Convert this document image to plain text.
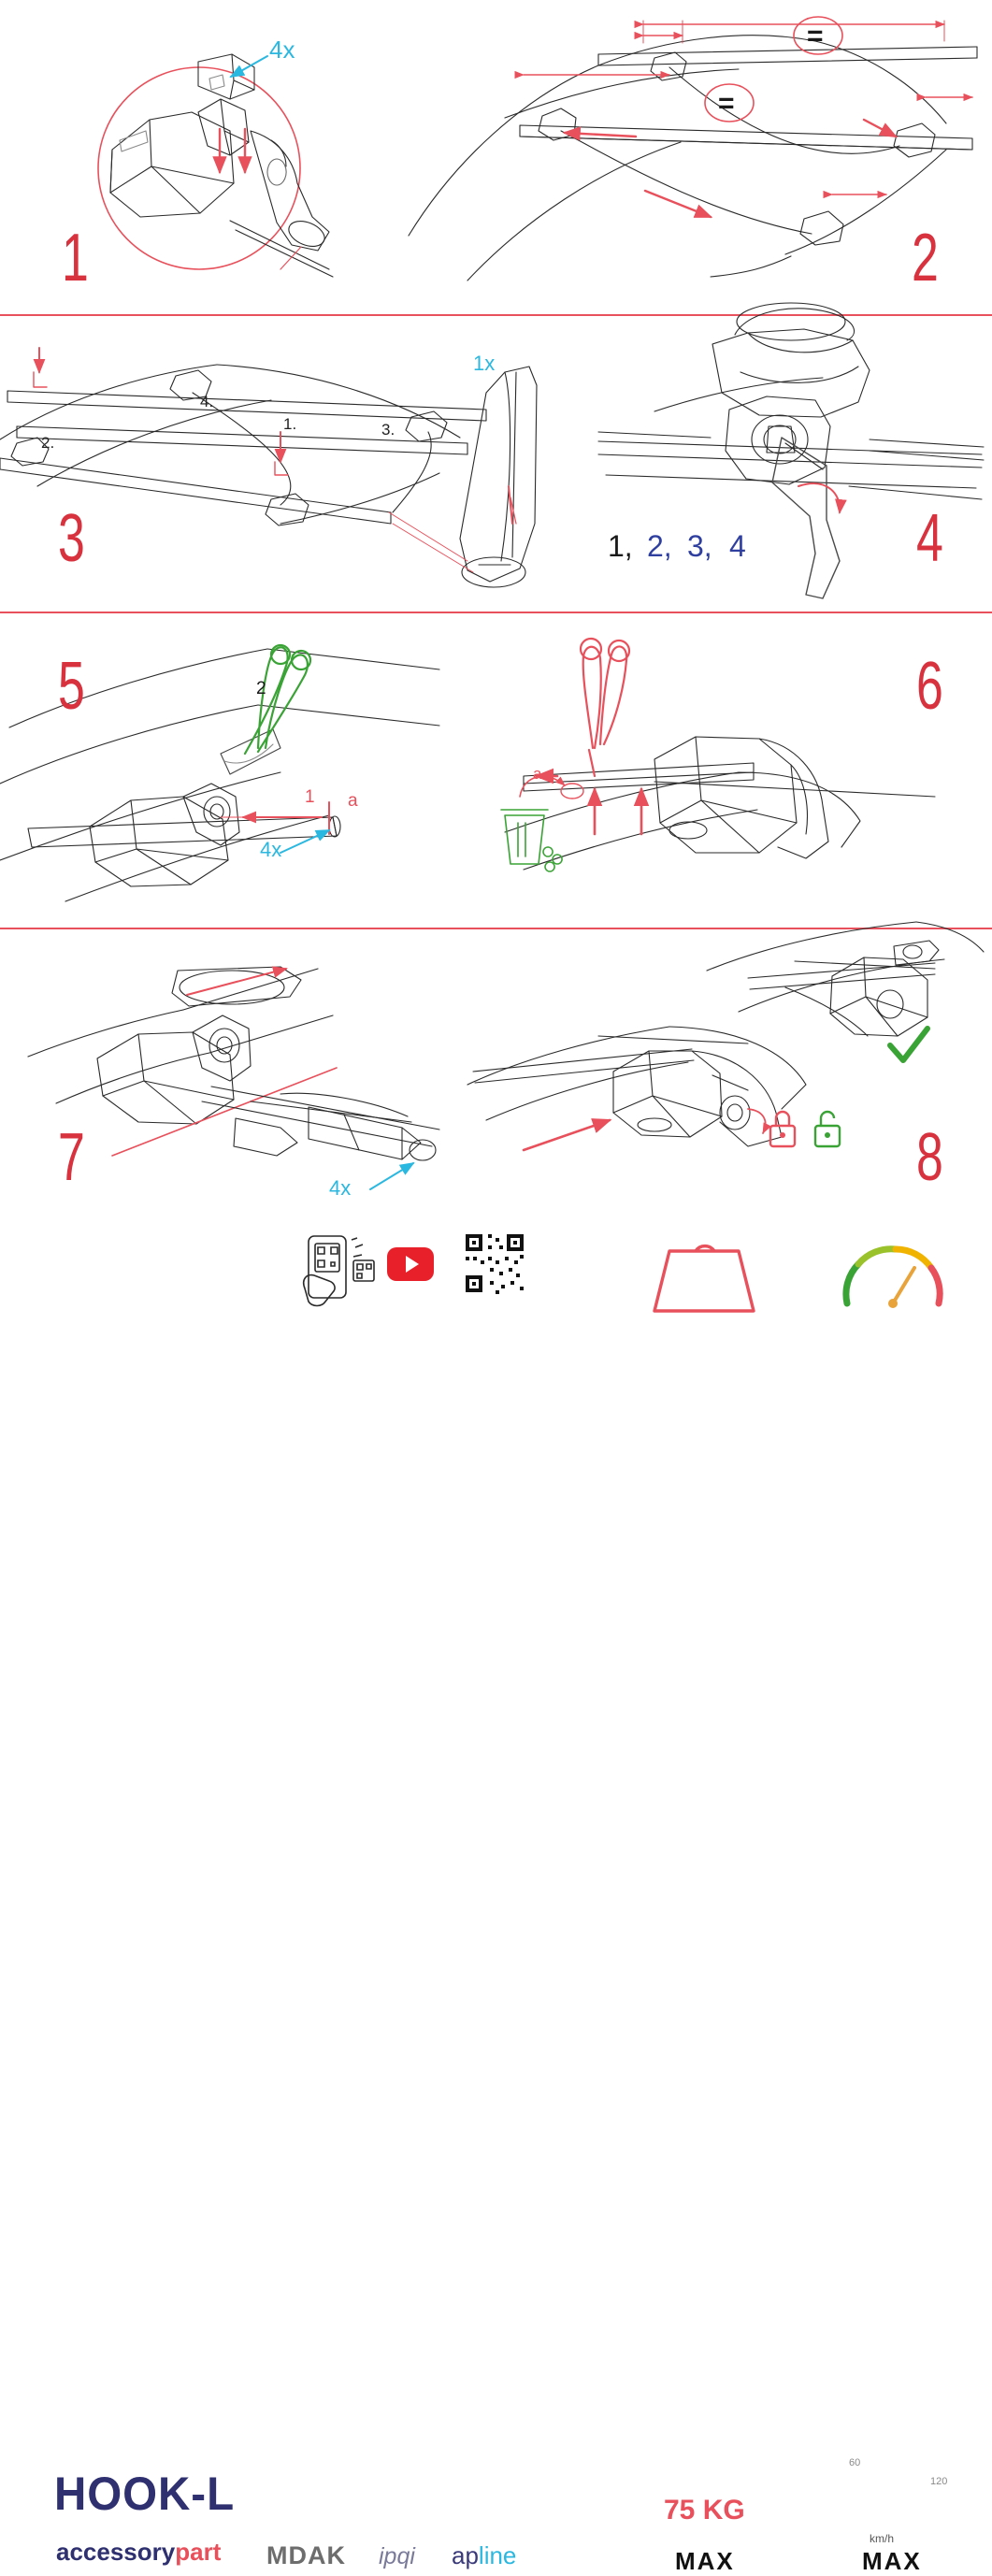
1	2
3	4
5	6
7	8
4x	=
=
1.
2.
3.
4.
1x
1, 2, 3, 4
1 a
2
4x
a
4x
HOOK-L
accessorypart MDAK ipqi apline
75 KG
MAX	MAX
km/h
60
120
